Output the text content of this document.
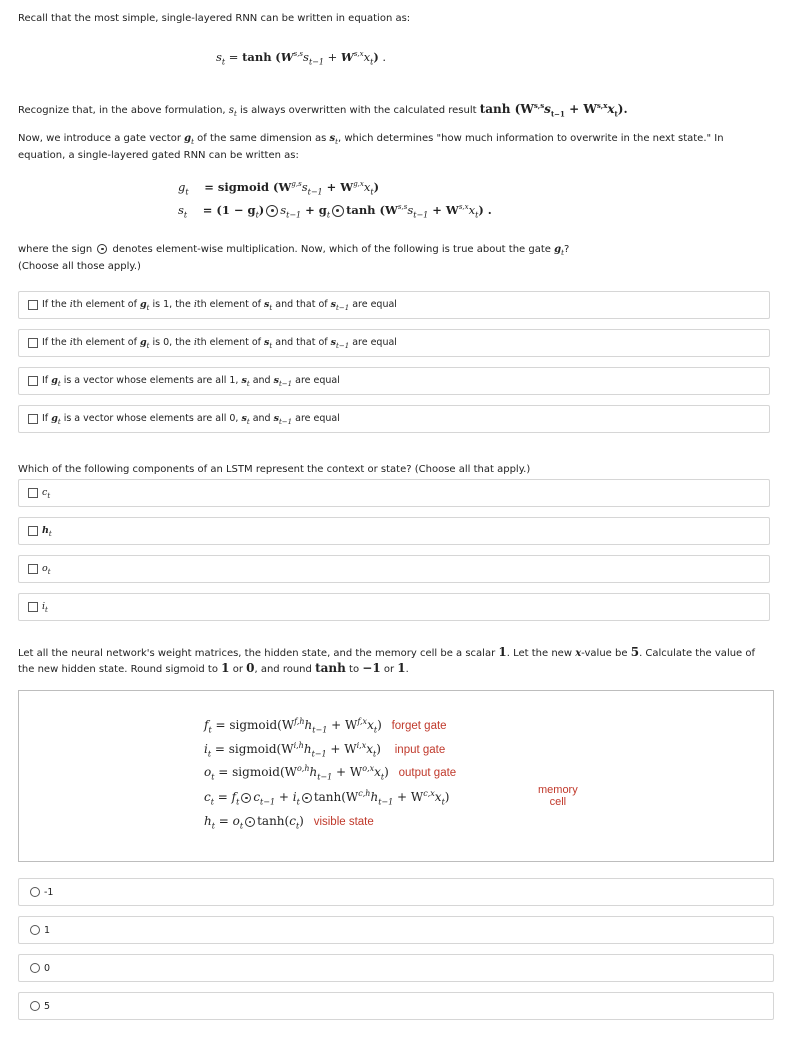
Recall that the most simple, single-layered RNN can be written in equation as:
$s_t = \tanh (W^{s,s}s_{t-1} + W^{s,x}x_t)$ .
Recognize that, in the above formulation, $s_t$ is always overwritten with the calculated result $\tanh (W^{s,s}s_{t-1} + W^{s,x}x_t)$.
Now, we introduce a gate vector $g_t$ of the same dimension as $s_t$, which determines "how much information to overwrite in the next state." In
equation, a single-layered gated RNN can be written as:
$g_t$ = sigmoid $(W^{g,s}s_{t-1} + W^{g,x}x_t)$
$s_t = (1 - g_t) s_{t-1} + g_t$ $\tanh (W^{s,s}s_{t-1} + W^{s,x}x_t)$ .
where the sign denotes element-wise multiplication. Now, which of the following is true about the gate $g_t$?
(Choose all those apply.)
If the ith element of $g_t$ is 1, the ith element of $s_t$ and that of $s_{t-1}$ are equal
If the ith element of $g_t$ is 0, the ith element of $s_t$ and that of $s_{t-1}$ are equal
If $g_t$ is a vector whose elements are all 1, $s_t$ and $s_{t-1}$ are equal
If $g_t$ is a vector whose elements are all 0, $s_t$ and $s_{t-1}$ are equal
Which of the following components of an LSTM represent the context or state? (Choose all that apply.)
$c_t$
$h_t$
$o_t$
$i_t$
Let all the neural network's weight matrices, the hidden state, and the memory cell be a scalar 1. Let the new x-value be 5. Calculate the value of
the new hidden state. Round sigmoid to 1 or 0, and round tanh to −1 or 1.
$f_t$ = $sigmoid(W^{f,h}h_{t-1} + W^{f,x}x_t)$ forget gate
$i_t$ = $sigmoid(W^{i,h}h_{t-1} + W^{i,x}x_t)$ input gate
$o_t$ = $sigmoid(W^{o,h}h_{t-1} + W^{o,x}x_t)$ output gate
$c_t = f_t$ $c_{t-1} + i_t$ $\tanh(W^{c,h}h_{t-1} + W^{c,x}x_t)$	memory
cell
$h_t = o_t$ $\tanh(c_t)$ visible state
-1
1
0
5
